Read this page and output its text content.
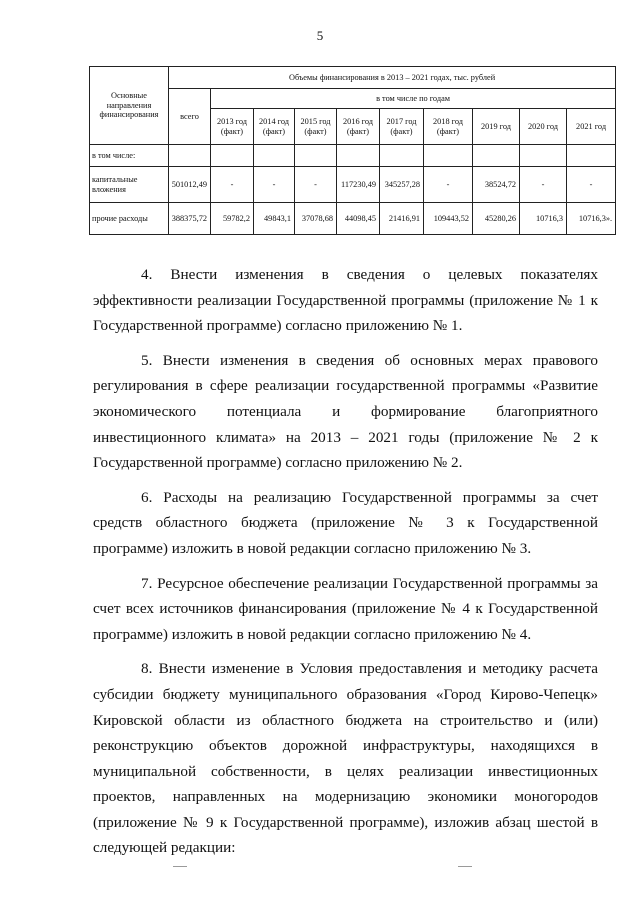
5
Основные направления финансирования	Объемы финансирования в 2013 – 2021 годах, тыс. рублей									
	всего	в том числе по годам								
		2013 год (факт)	2014 год (факт)	2015 год (факт)	2016 год (факт)	2017 год (факт)	2018 год (факт)	2019 год	2020 год	2021 год
в том числе:										
капитальные вложения	501012,49	-	-	-	117230,49	345257,28	-	38524,72	-	-
прочие расходы	388375,72	59782,2	49843,1	37078,68	44098,45	21416,91	109443,52	45280,26	10716,3	10716,3».

4. Внести изменения в сведения о целевых показателях эффективности реализации Государственной программы (приложение № 1 к Государственной программе) согласно приложению № 1.

5. Внести изменения в сведения об основных мерах правового регулирования в сфере реализации государственной программы «Развитие экономического потенциала и формирование благоприятного инвестиционного климата» на 2013 – 2021 годы (приложение № 2 к Государственной программе) согласно приложению № 2.

6. Расходы на реализацию Государственной программы за счет средств областного бюджета (приложение № 3 к Государственной программе) изложить в новой редакции согласно приложению № 3.

7. Ресурсное обеспечение реализации Государственной программы за счет всех источников финансирования (приложение № 4 к Государственной программе) изложить в новой редакции согласно приложению № 4.

8. Внести изменение в Условия предоставления и методику расчета субсидии бюджету муниципального образования «Город Кирово-Чепецк» Кировской области из областного бюджета на строительство и (или) реконструкцию объектов дорожной инфраструктуры, находящихся в муниципальной собственности, в целях реализации инвестиционных проектов, направленных на модернизацию экономики моногородов (приложение № 9 к Государственной программе), изложив абзац шестой в следующей редакции:
